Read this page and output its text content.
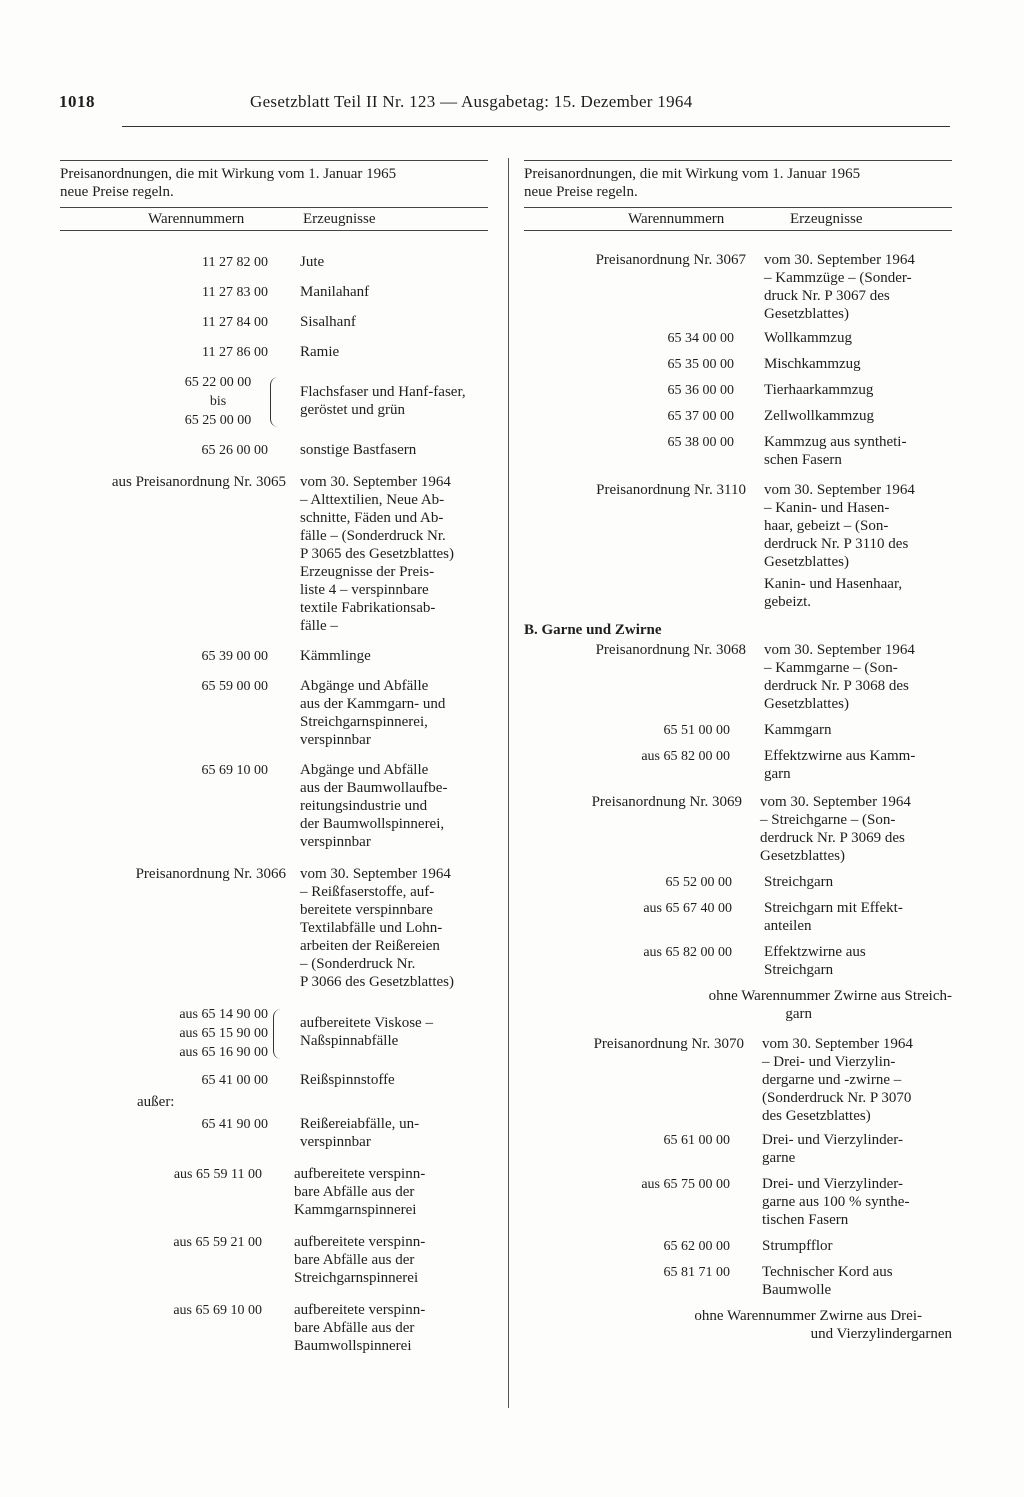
1018	Gesetzblatt Teil II Nr. 123 — Ausgabetag: 15. Dezember 1964
Preisanordnungen, die mit Wirkung vom 1. Januar 1965
neue Preise regeln.
Warennummern	Erzeugnisse
11 27 82 00 Jute
11 27 83 00 Manilahanf
11 27 84 00 Sisalhanf
11 27 86 00 Ramie
65 22 00 00
bis
65 25 00 00
Flachsfaser und Hanf-faser, geröstet und grün
65 26 00 00 sonstige Bastfasern
aus Preisanordnung Nr. 3065 vom 30. September 1964
– Alttextilien, Neue Ab-
schnitte, Fäden und Ab-
fälle – (Sonderdruck Nr.
P 3065 des Gesetzblattes)
Erzeugnisse der Preis-
liste 4 – verspinnbare
textile Fabrikationsab-
fälle –
65 39 00 00 Kämmlinge
65 59 00 00 Abgänge und Abfälle
aus der Kammgarn- und
Streichgarnspinnerei,
verspinnbar
65 69 10 00 Abgänge und Abfälle
aus der Baumwollaufbe-
reitungsindustrie und
der Baumwollspinnerei,
verspinnbar
Preisanordnung Nr. 3066 vom 30. September 1964
– Reißfaserstoffe, auf-
bereitete verspinnbare
Textilabfälle und Lohn-
arbeiten der Reißereien
– (Sonderdruck Nr.
P 3066 des Gesetzblattes)
aus 65 14 90 00
aus 65 15 90 00
aus 65 16 90 00
aufbereitete Viskose –Naßspinnabfälle
65 41 00 00 Reißspinnstoffe
außer:
65 41 90 00 Reißereiabfälle, un-
verspinnbar
aus 65 59 11 00 aufbereitete verspinn-
bare Abfälle aus der
Kammgarnspinnerei
aus 65 59 21 00 aufbereitete verspinn-
bare Abfälle aus der
Streichgarnspinnerei
aus 65 69 10 00 aufbereitete verspinn-
bare Abfälle aus der
Baumwollspinnerei
Preisanordnungen, die mit Wirkung vom 1. Januar 1965
neue Preise regeln.
Warennummern	Erzeugnisse
Preisanordnung Nr. 3067 vom 30. September 1964
– Kammzüge – (Sonder-
druck Nr. P 3067 des
Gesetzblattes)
65 34 00 00 Wollkammzug
65 35 00 00 Mischkammzug
65 36 00 00 Tierhaarkammzug
65 37 00 00 Zellwollkammzug
65 38 00 00 Kammzug aus syntheti-
schen Fasern
Preisanordnung Nr. 3110 vom 30. September 1964
– Kanin- und Hasen-
haar, gebeizt – (Son-
derdruck Nr. P 3110 des
Gesetzblattes)
Kanin- und Hasenhaar,
gebeizt.
B. Garne und Zwirne
Preisanordnung Nr. 3068 vom 30. September 1964
– Kammgarne – (Son-
derdruck Nr. P 3068 des
Gesetzblattes)
65 51 00 00 Kammgarn
aus 65 82 00 00 Effektzwirne aus Kamm-
garn
Preisanordnung Nr. 3069 vom 30. September 1964
– Streichgarne – (Son-
derdruck Nr. P 3069 des
Gesetzblattes)
65 52 00 00 Streichgarn
aus 65 67 40 00 Streichgarn mit Effekt-
anteilen
aus 65 82 00 00 Effektzwirne aus
Streichgarn
ohne Warennummer Zwirne aus Streich-
garn
Preisanordnung Nr. 3070 vom 30. September 1964
– Drei- und Vierzylin-
dergarne und -zwirne –
(Sonderdruck Nr. P 3070
des Gesetzblattes)
65 61 00 00 Drei- und Vierzylinder-
garne
aus 65 75 00 00 Drei- und Vierzylinder-
garne aus 100 % synthe-
tischen Fasern
65 62 00 00 Strumpfflor
65 81 71 00 Technischer Kord aus
Baumwolle
ohne Warennummer Zwirne aus Drei-
und Vierzylindergarnen
